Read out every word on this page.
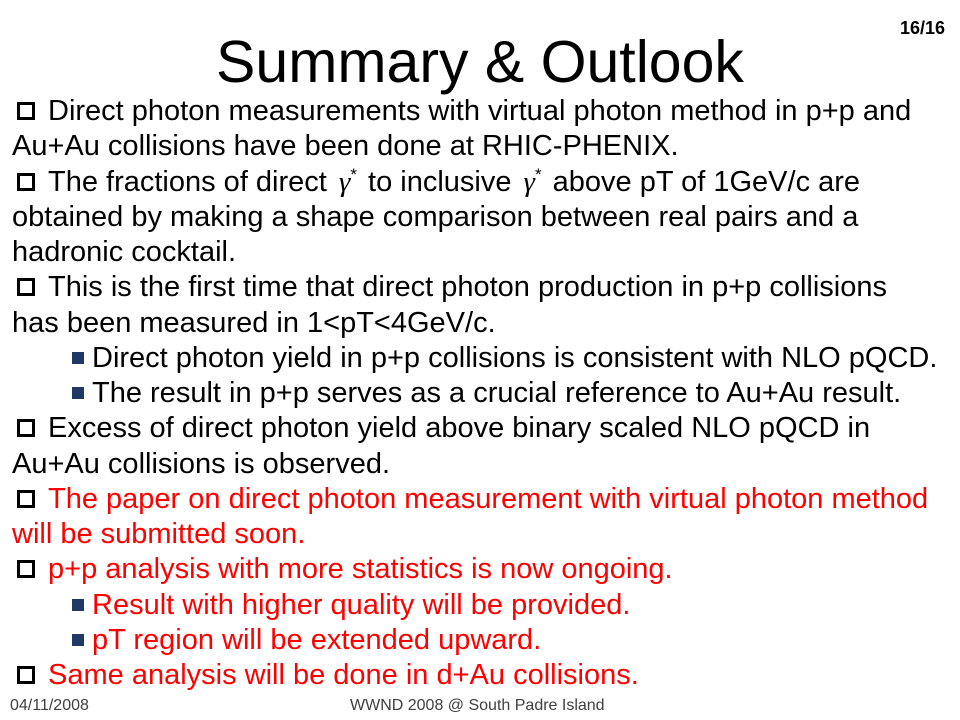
Summary & Outlook
16/16
Direct photon measurements with virtual photon method in p+p and
Au+Au collisions have been done at RHIC-PHENIX.
The fractions of direct γ* to inclusive γ* above pT of 1GeV/c are
obtained by making a shape comparison between real pairs and a
hadronic cocktail.
This is the first time that direct photon production in p+p collisions
has been measured in 1<pT<4GeV/c.
Direct photon yield in p+p collisions is consistent with NLO pQCD.
The result in p+p serves as a crucial reference to Au+Au result.
Excess of direct photon yield above binary scaled NLO pQCD in
Au+Au collisions is observed.
The paper on direct photon measurement with virtual photon method
will be submitted soon.
p+p analysis with more statistics is now ongoing.
Result with higher quality will be provided.
pT region will be extended upward.
Same analysis will be done in d+Au collisions.
04/11/2008	WWND 2008 @ South Padre Island
